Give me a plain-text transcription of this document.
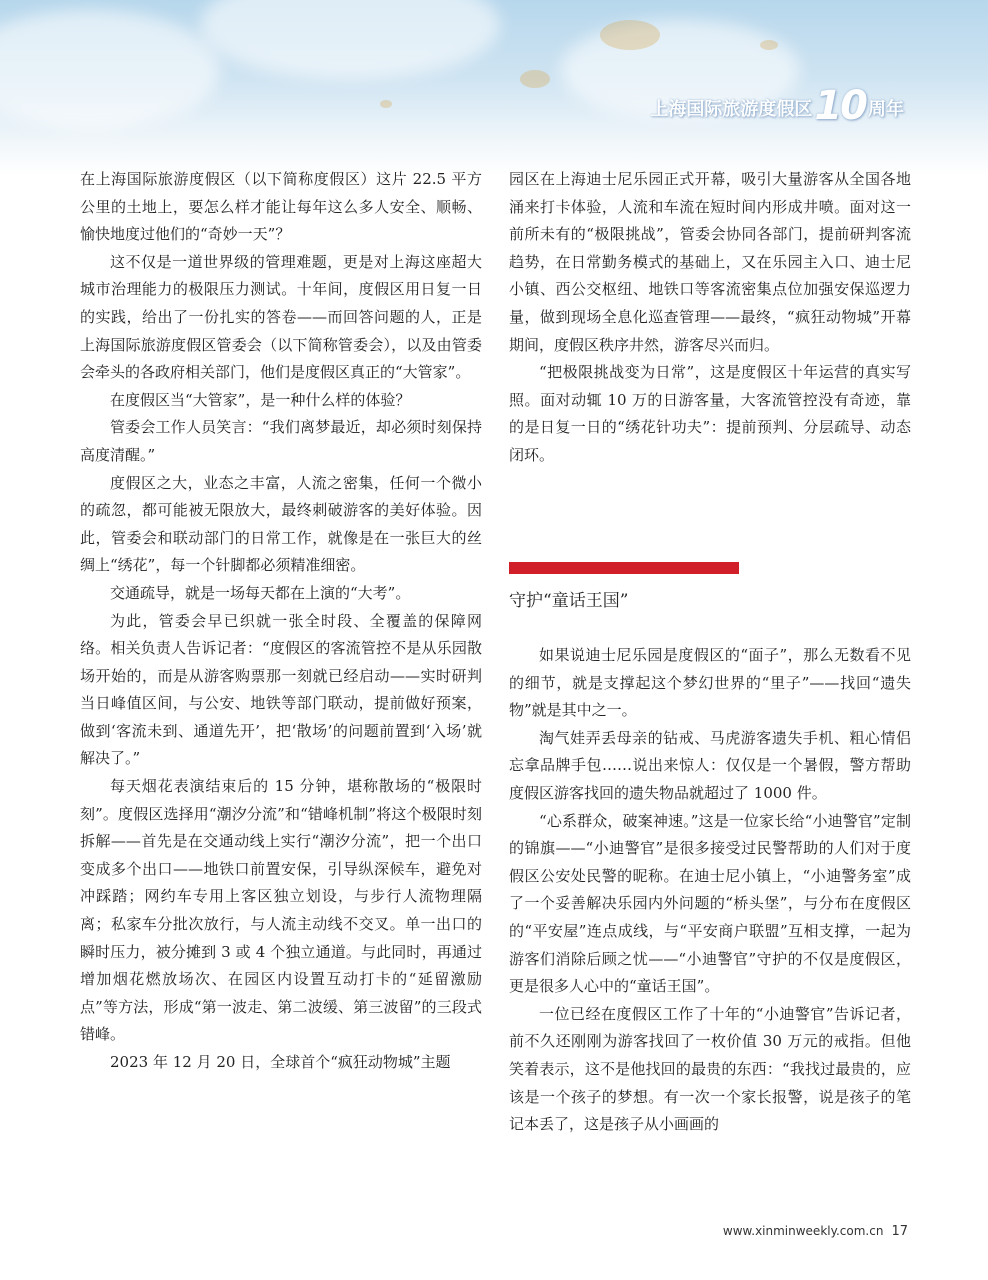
上海国际旅游度假区 10 周年

在上海国际旅游度假区（以下简称度假区）这片 22.5 平方公里的土地上，要怎么样才能让每年这么多人安全、顺畅、愉快地度过他们的“奇妙一天”？

这不仅是一道世界级的管理难题，更是对上海这座超大城市治理能力的极限压力测试。十年间，度假区用日复一日的实践，给出了一份扎实的答卷——而回答问题的人，正是上海国际旅游度假区管委会（以下简称管委会），以及由管委会牵头的各政府相关部门，他们是度假区真正的“大管家”。

在度假区当“大管家”，是一种什么样的体验？

管委会工作人员笑言：“我们离梦最近，却必须时刻保持高度清醒。”

度假区之大，业态之丰富，人流之密集，任何一个微小的疏忽，都可能被无限放大，最终刺破游客的美好体验。因此，管委会和联动部门的日常工作，就像是在一张巨大的丝绸上“绣花”，每一个针脚都必须精准细密。

交通疏导，就是一场每天都在上演的“大考”。

为此，管委会早已织就一张全时段、全覆盖的保障网络。相关负责人告诉记者：“度假区的客流管控不是从乐园散场开始的，而是从游客购票那一刻就已经启动——实时研判当日峰值区间，与公安、地铁等部门联动，提前做好预案，做到‘客流未到、通道先开’，把‘散场’的问题前置到‘入场’就解决了。”

每天烟花表演结束后的 15 分钟，堪称散场的“极限时刻”。度假区选择用“潮汐分流”和“错峰机制”将这个极限时刻拆解——首先是在交通动线上实行“潮汐分流”，把一个出口变成多个出口——地铁口前置安保，引导纵深候车，避免对冲踩踏；网约车专用上客区独立划设，与步行人流物理隔离；私家车分批次放行，与人流主动线不交叉。单一出口的瞬时压力，被分摊到 3 或 4 个独立通道。与此同时，再通过增加烟花燃放场次、在园区内设置互动打卡的“延留激励点”等方法，形成“第一波走、第二波缓、第三波留”的三段式错峰。

2023 年 12 月 20 日，全球首个“疯狂动物城”主题

园区在上海迪士尼乐园正式开幕，吸引大量游客从全国各地涌来打卡体验，人流和车流在短时间内形成井喷。面对这一前所未有的“极限挑战”，管委会协同各部门，提前研判客流趋势，在日常勤务模式的基础上，又在乐园主入口、迪士尼小镇、西公交枢纽、地铁口等客流密集点位加强安保巡逻力量，做到现场全息化巡查管理——最终，“疯狂动物城”开幕期间，度假区秩序井然，游客尽兴而归。

“把极限挑战变为日常”，这是度假区十年运营的真实写照。面对动辄 10 万的日游客量，大客流管控没有奇迹，靠的是日复一日的“绣花针功夫”：提前预判、分层疏导、动态闭环。

守护“童话王国”

如果说迪士尼乐园是度假区的“面子”，那么无数看不见的细节，就是支撑起这个梦幻世界的“里子”——找回“遗失物”就是其中之一。

淘气娃弄丢母亲的钻戒、马虎游客遗失手机、粗心情侣忘拿品牌手包……说出来惊人：仅仅是一个暑假，警方帮助度假区游客找回的遗失物品就超过了 1000 件。

“心系群众，破案神速。”这是一位家长给“小迪警官”定制的锦旗——“小迪警官”是很多接受过民警帮助的人们对于度假区公安处民警的昵称。在迪士尼小镇上，“小迪警务室”成了一个妥善解决乐园内外问题的“桥头堡”，与分布在度假区的“平安屋”连点成线，与“平安商户联盟”互相支撑，一起为游客们消除后顾之忧——“小迪警官”守护的不仅是度假区，更是很多人心中的“童话王国”。

一位已经在度假区工作了十年的“小迪警官”告诉记者，前不久还刚刚为游客找回了一枚价值 30 万元的戒指。但他笑着表示，这不是他找回的最贵的东西：“我找过最贵的，应该是一个孩子的梦想。有一次一个家长报警，说是孩子的笔记本丢了，这是孩子从小画画的

www.xinminweekly.com.cn 17
